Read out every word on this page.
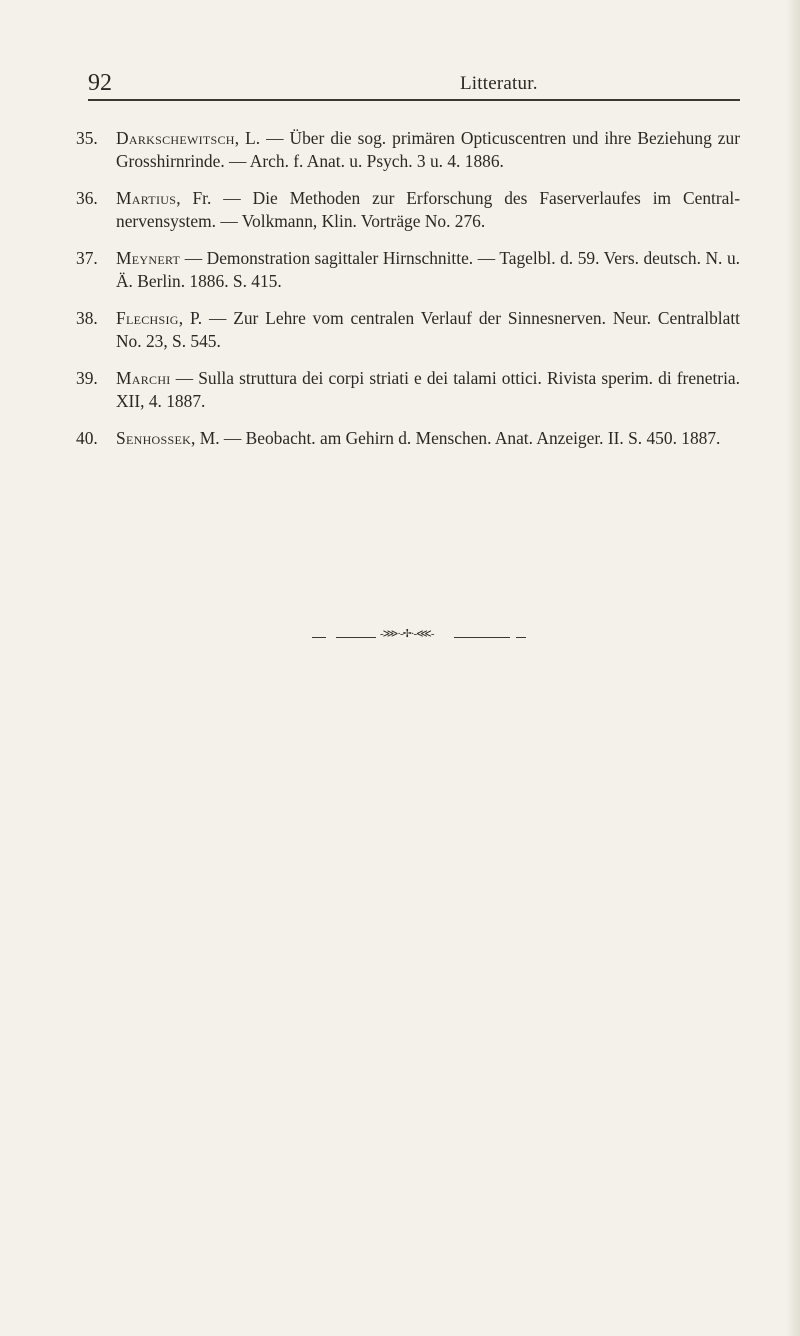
92	Litteratur.
35. Darkschewitsch, L. — Über die sog. primären Opticuscentren und ihre Beziehung zur Grosshirnrinde. — Arch. f. Anat. u. Psych. 3 u. 4. 1886.
36. Martius, Fr. — Die Methoden zur Erforschung des Faserverlaufes im Central-nervensystem. — Volkmann, Klin. Vorträge No. 276.
37. Meynert — Demonstration sagittaler Hirnschnitte. — Tagelbl. d. 59. Vers. deutsch. N. u. Ä. Berlin. 1886. S. 415.
38. Flechsig, P. — Zur Lehre vom centralen Verlauf der Sinnesnerven. Neur. Centralblatt No. 23, S. 545.
39. Marchi — Sulla struttura dei corpi striati e dei talami ottici. Rivista sperim. di frenetria. XII, 4. 1887.
40. Senhossek, M. — Beobacht. am Gehirn d. Menschen. Anat. Anzeiger. II. S. 450. 1887.
-⋙·-✢·-⋘-
